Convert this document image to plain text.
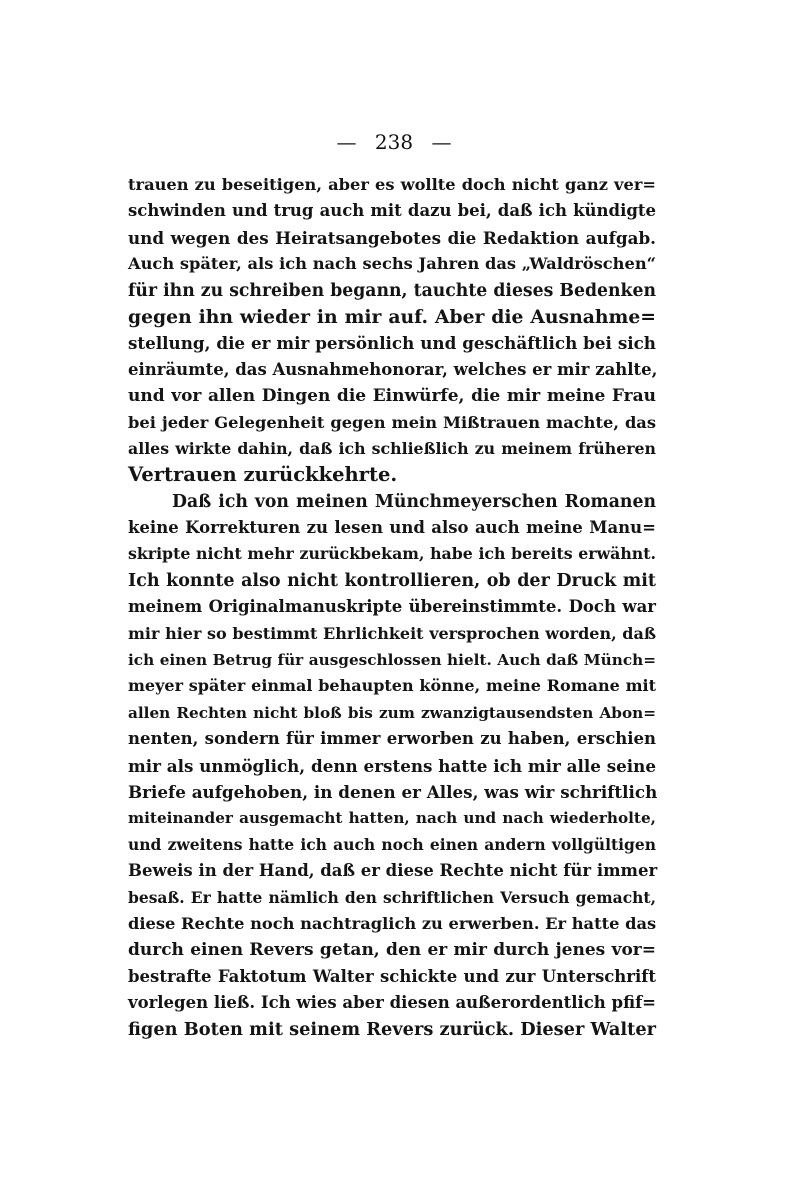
— 238 —
trauen zu beseitigen, aber es wollte doch nicht ganz ver=
schwinden und trug auch mit dazu bei, daß ich kündigte
und wegen des Heiratsangebotes die Redaktion aufgab.
Auch später, als ich nach sechs Jahren das „Waldröschen“
für ihn zu schreiben begann, tauchte dieses Bedenken
gegen ihn wieder in mir auf. Aber die Ausnahme=
stellung, die er mir persönlich und geschäftlich bei sich
einräumte, das Ausnahmehonorar, welches er mir zahlte,
und vor allen Dingen die Einwürfe, die mir meine Frau
bei jeder Gelegenheit gegen mein Mißtrauen machte, das
alles wirkte dahin, daß ich schließlich zu meinem früheren
Vertrauen zurückkehrte.
Daß ich von meinen Münchmeyerschen Romanen
keine Korrekturen zu lesen und also auch meine Manu=
skripte nicht mehr zurückbekam, habe ich bereits erwähnt.
Ich konnte also nicht kontrollieren, ob der Druck mit
meinem Originalmanuskripte übereinstimmte. Doch war
mir hier so bestimmt Ehrlichkeit versprochen worden, daß
ich einen Betrug für ausgeschlossen hielt. Auch daß Münch=
meyer später einmal behaupten könne, meine Romane mit
allen Rechten nicht bloß bis zum zwanzigtausendsten Abon=
nenten, sondern für immer erworben zu haben, erschien
mir als unmöglich, denn erstens hatte ich mir alle seine
Briefe aufgehoben, in denen er Alles, was wir schriftlich
miteinander ausgemacht hatten, nach und nach wiederholte,
und zweitens hatte ich auch noch einen andern vollgültigen
Beweis in der Hand, daß er diese Rechte nicht für immer
besaß. Er hatte nämlich den schriftlichen Versuch gemacht,
diese Rechte noch nachtraglich zu erwerben. Er hatte das
durch einen Revers getan, den er mir durch jenes vor=
bestrafte Faktotum Walter schickte und zur Unterschrift
vorlegen ließ. Ich wies aber diesen außerordentlich pfif=
figen Boten mit seinem Revers zurück. Dieser Walter
